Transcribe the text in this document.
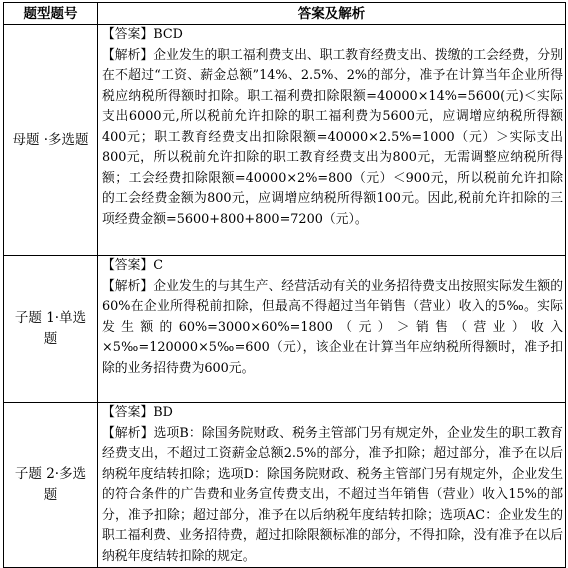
题型题号	答案及解析
母题 ·多选题	【答案】BCD

【解析】企业发生的职工福利费支出、职工教育经费支出、拨缴的工会经费，分别在不超过“工资、薪金总额”14%、2.5%、2%的部分，准予在计算当年企业所得税应纳税所得额时扣除。职工福利费扣除限额=40000×14%=5600(元)＜实际支出6000元,所以税前允许扣除的职工福利费为5600元，应调增应纳税所得额400元；职工教育经费支出扣除限额=40000×2.5%=1000（元）＞实际支出800元，所以税前允许扣除的职工教育经费支出为800元，无需调整应纳税所得额；工会经费扣除限额=40000×2%=800（元）＜900元，所以税前允许扣除的工会经费金额为800元，应调增应纳税所得额100元。因此,税前允许扣除的三项经费金额=5600+800+800=7200（元）。

子题 1·单选题	【答案】C

【解析】企业发生的与其生产、经营活动有关的业务招待费支出按照实际发生额的60%在企业所得税前扣除，但最高不得超过当年销售（营业）收入的5‰。实际发生额的60%=3000×60%=1800（元）＞销售（营业）收入×5‰=120000×5‰=600（元），该企业在计算当年应纳税所得额时，准予扣除的业务招待费为600元。

子题 2·多选题	【答案】BD

【解析】选项B：除国务院财政、税务主管部门另有规定外，企业发生的职工教育经费支出，不超过工资薪金总额2.5%的部分，准予扣除；超过部分，准予在以后纳税年度结转扣除；选项D：除国务院财政、税务主管部门另有规定外，企业发生的符合条件的广告费和业务宣传费支出，不超过当年销售（营业）收入15%的部分，准予扣除；超过部分，准予在以后纳税年度结转扣除；选项AC：企业发生的职工福利费、业务招待费，超过扣除限额标准的部分，不得扣除，没有准予在以后纳税年度结转扣除的规定。
